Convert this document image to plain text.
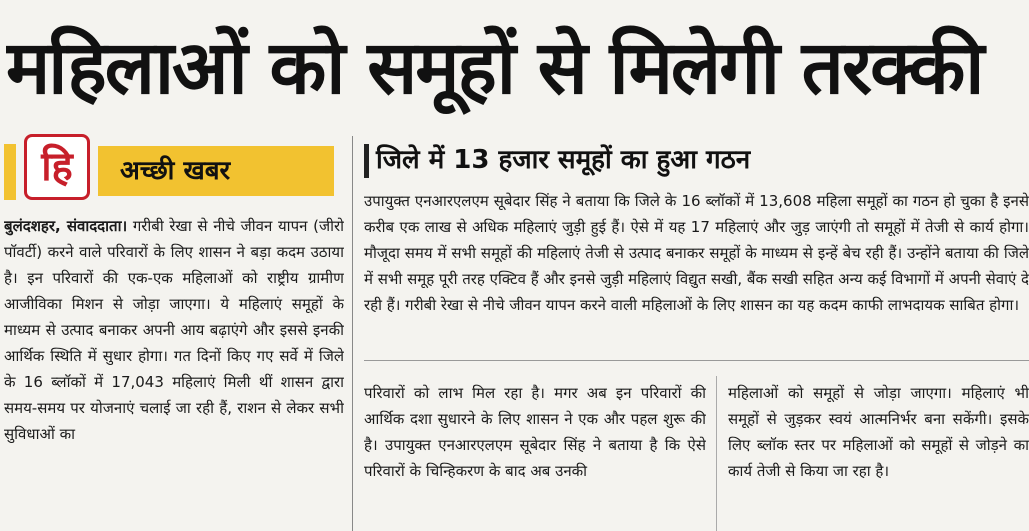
महिलाओं को समूहों से मिलेगी तरक्की
हि अच्छी खबर	जिले में 13 हजार समूहों का हुआ गठन
बुलंदशहर, संवाददाता। गरीबी रेखा से नीचे जीवन यापन (जीरो पॉवर्टी) करने वाले परिवारों के लिए शासन ने बड़ा कदम उठाया है। इन परिवारों की एक-एक महिलाओं को राष्ट्रीय ग्रामीण आजीविका मिशन से जोड़ा जाएगा। ये महिलाएं समूहों के माध्यम से उत्पाद बनाकर अपनी आय बढ़ाएंगे और इससे इनकी आर्थिक स्थिति में सुधार होगा। गत दिनों किए गए सर्वे में जिले के 16 ब्लॉकों में 17,043 महिलाएं मिली थीं शासन द्वारा समय-समय पर योजनाएं चलाई जा रही हैं, राशन से लेकर सभी सुविधाओं का
उपायुक्त एनआरएलएम सूबेदार सिंह ने बताया कि जिले के 16 ब्लॉकों में 13,608 महिला समूहों का गठन हो चुका है इनसे करीब एक लाख से अधिक महिलाएं जुड़ी हुई हैं। ऐसे में यह 17 महिलाएं और जुड़ जाएंगी तो समूहों में तेजी से कार्य होगा। मौजूदा समय में सभी समूहों की महिलाएं तेजी से उत्पाद बनाकर समूहों के माध्यम से इन्हें बेच रही हैं। उन्होंने बताया की जिले में सभी समूह पूरी तरह एक्टिव हैं और इनसे जुड़ी महिलाएं विद्युत सखी, बैंक सखी सहित अन्य कई विभागों में अपनी सेवाएं दे रही हैं। गरीबी रेखा से नीचे जीवन यापन करने वाली महिलाओं के लिए शासन का यह कदम काफी लाभदायक साबित होगा।
परिवारों को लाभ मिल रहा है। मगर अब इन परिवारों की आर्थिक दशा सुधारने के लिए शासन ने एक और पहल शुरू की है। उपायुक्त एनआरएलएम सूबेदार सिंह ने बताया है कि ऐसे परिवारों के चिन्हिकरण के बाद अब उनकी
महिलाओं को समूहों से जोड़ा जाएगा। महिलाएं भी समूहों से जुड़कर स्वयं आत्मनिर्भर बना सकेंगी। इसके लिए ब्लॉक स्तर पर महिलाओं को समूहों से जोड़ने का कार्य तेजी से किया जा रहा है।
